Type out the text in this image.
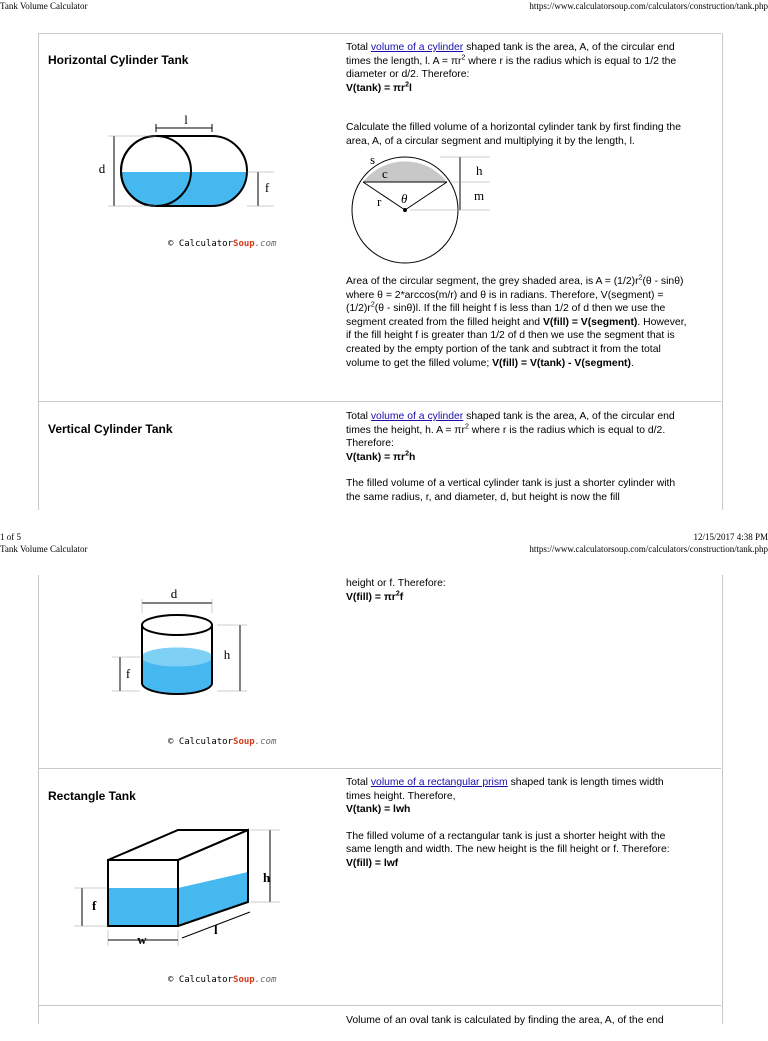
Tank Volume Calculator	https://www.calculatorsoup.com/calculators/construction/tank.php
Horizontal Cylinder Tank
l
d
f
© CalculatorSoup.com

Total volume of a cylinder shaped tank is the area, A, of the circular end times the length, l. $A = \pi r^2$ where r is the radius which is equal to 1/2 the diameter or d/2. Therefore:
$V(\tan k) = \pi r^2l$

Calculate the filled volume of a horizontal cylinder tank by first finding the area, A, of a circular segment and multiplying it by the length, l.

s
c
r θ
h
m

Area of the circular segment, the grey shaded area, is $A = (1/2)r^2(\theta - \sin\theta)$ where θ = 2*arccos(m/r) and θ is in radians. Therefore, V(segment) = $(1/2)r^2(\theta - \sin\theta)l$. If the fill height f is less than 1/2 of d then we use the segment created from the filled height and V(fill) = V(segment). However, if the fill height f is greater than 1/2 of d then we use the segment that is created by the empty portion of the tank and subtract it from the total volume to get the filled volume; V(fill) = V(tank) - V(segment).

Vertical Cylinder Tank

Total volume of a cylinder shaped tank is the area, A, of the circular end times the height, h. $A = \pi r^2$ where r is the radius which is equal to d/2. Therefore:
$V(\tan k) = \pi r^2h$

The filled volume of a vertical cylinder tank is just a shorter cylinder with the same radius, r, and diameter, d, but height is now the fill

1 of 5	12/15/2017 4:38 PM
Tank Volume Calculator	https://www.calculatorsoup.com/calculators/construction/tank.php
d
h
f
© CalculatorSoup.com

height or f. Therefore:
V(fill) = $\pi r^2f$

Rectangle Tank
h
f
w
l
© CalculatorSoup.com

Total volume of a rectangular prism shaped tank is length times width times height. Therefore,
V(tank) = lwh

The filled volume of a rectangular tank is just a shorter height with the same length and width. The new height is the fill height or f. Therefore:
V(fill) = lwf

Volume of an oval tank is calculated by finding the area, A, of the end
